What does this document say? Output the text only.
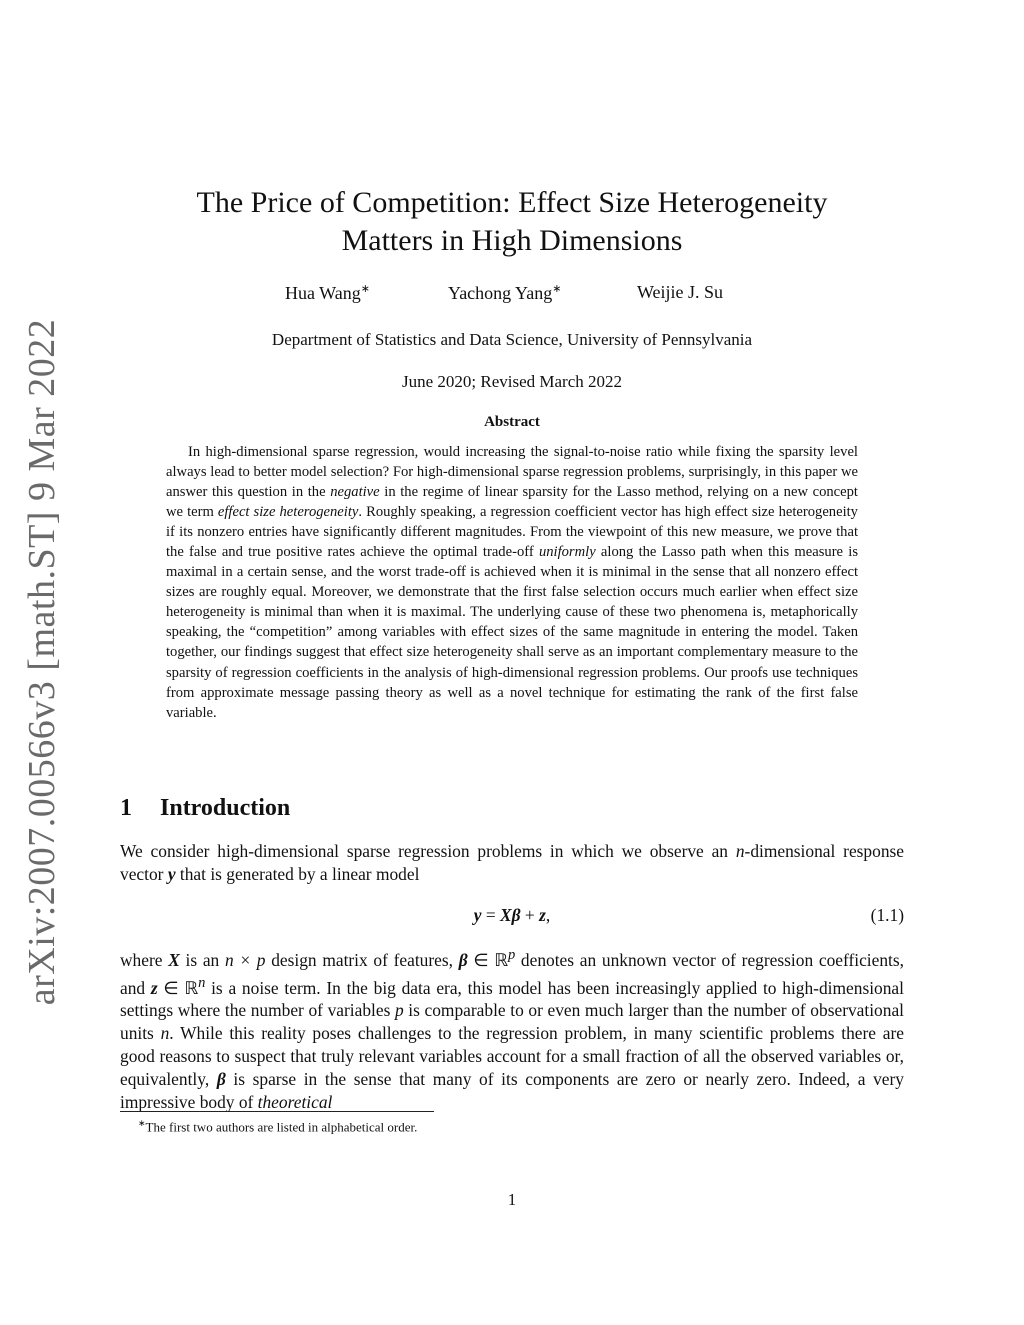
arXiv:2007.00566v3 [math.ST] 9 Mar 2022
The Price of Competition: Effect Size Heterogeneity
Matters in High Dimensions
Hua Wang∗	Yachong Yang∗	Weijie J. Su
Department of Statistics and Data Science, University of Pennsylvania
June 2020; Revised March 2022
Abstract

In high-dimensional sparse regression, would increasing the signal-to-noise ratio while fixing the sparsity level always lead to better model selection? For high-dimensional sparse regression problems, surprisingly, in this paper we answer this question in the negative in the regime of linear sparsity for the Lasso method, relying on a new concept we term effect size heterogeneity. Roughly speaking, a regression coefficient vector has high effect size heterogeneity if its nonzero entries have significantly different magnitudes. From the viewpoint of this new measure, we prove that the false and true positive rates achieve the optimal trade-off uniformly along the Lasso path when this measure is maximal in a certain sense, and the worst trade-off is achieved when it is minimal in the sense that all nonzero effect sizes are roughly equal. Moreover, we demonstrate that the first false selection occurs much earlier when effect size heterogeneity is minimal than when it is maximal. The underlying cause of these two phenomena is, metaphorically speaking, the “competition” among variables with effect sizes of the same magnitude in entering the model. Taken together, our findings suggest that effect size heterogeneity shall serve as an important complementary measure to the sparsity of regression coefficients in the analysis of high-dimensional regression problems. Our proofs use techniques from approximate message passing theory as well as a novel technique for estimating the rank of the first false variable.

1 Introduction

We consider high-dimensional sparse regression problems in which we observe an n-dimensional response vector y that is generated by a linear model

y = Xβ + z,	(1.1)

where X is an n × p design matrix of features, β ∈ ℝ$^p$ denotes an unknown vector of regression coefficients, and z ∈ ℝ$^n$ is a noise term. In the big data era, this model has been increasingly applied to high-dimensional settings where the number of variables p is comparable to or even much larger than the number of observational units n. While this reality poses challenges to the regression problem, in many scientific problems there are good reasons to suspect that truly relevant variables account for a small fraction of all the observed variables or, equivalently, β is sparse in the sense that many of its components are zero or nearly zero. Indeed, a very impressive body of theoretical

∗The first two authors are listed in alphabetical order.
1
